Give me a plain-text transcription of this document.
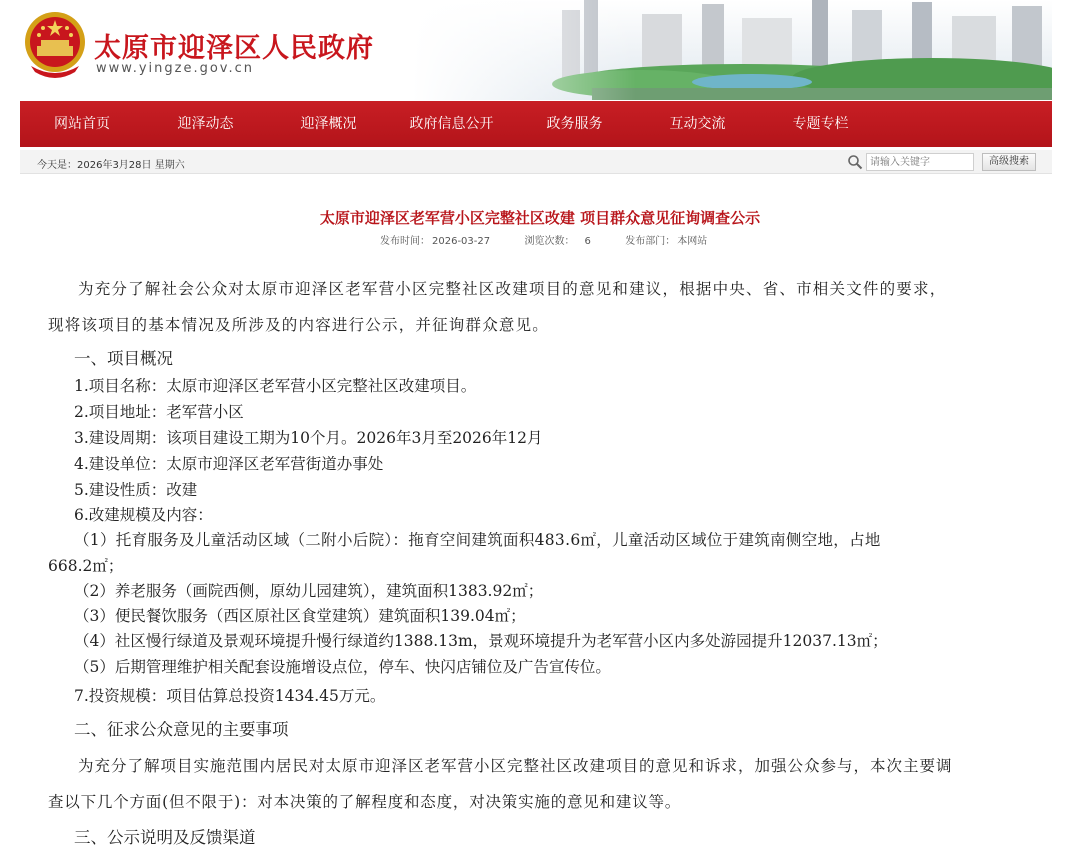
太原市迎泽区人民政府
www.yingze.gov.cn
网站首页	迎泽动态	迎泽概况	政府信息公开	政务服务	互动交流	专题专栏
今天是：2026年3月28日 星期六
请输入关键字	高级搜索
太原市迎泽区老军营小区完整社区改建 项目群众意见征询调查公示
发布时间： 2026-03-27	浏览次数： 6	发布部门： 本网站
为充分了解社会公众对太原市迎泽区老军营小区完整社区改建项目的意见和建议，根据中央、省、市相关文件的要求，
现将该项目的基本情况及所涉及的内容进行公示，并征询群众意见。
一、项目概况
1.项目名称：太原市迎泽区老军营小区完整社区改建项目。
2.项目地址：老军营小区
3.建设周期：该项目建设工期为10个月。2026年3月至2026年12月
4.建设单位：太原市迎泽区老军营街道办事处
5.建设性质：改建
6.改建规模及内容：
（1）托育服务及儿童活动区域（二附小后院）：拖育空间建筑面积483.6㎡，儿童活动区域位于建筑南侧空地，占地
668.2㎡；
（2）养老服务（画院西侧，原幼儿园建筑），建筑面积1383.92㎡；
（3）便民餐饮服务（西区原社区食堂建筑）建筑面积139.04㎡；
（4）社区慢行绿道及景观环境提升慢行绿道约1388.13m，景观环境提升为老军营小区内多处游园提升12037.13㎡；
（5）后期管理维护相关配套设施增设点位，停车、快闪店铺位及广告宣传位。
7.投资规模：项目估算总投资1434.45万元。
二、征求公众意见的主要事项
为充分了解项目实施范围内居民对太原市迎泽区老军营小区完整社区改建项目的意见和诉求，加强公众参与，本次主要调
查以下几个方面(但不限于)：对本决策的了解程度和态度，对决策实施的意见和建议等。
三、公示说明及反馈渠道
